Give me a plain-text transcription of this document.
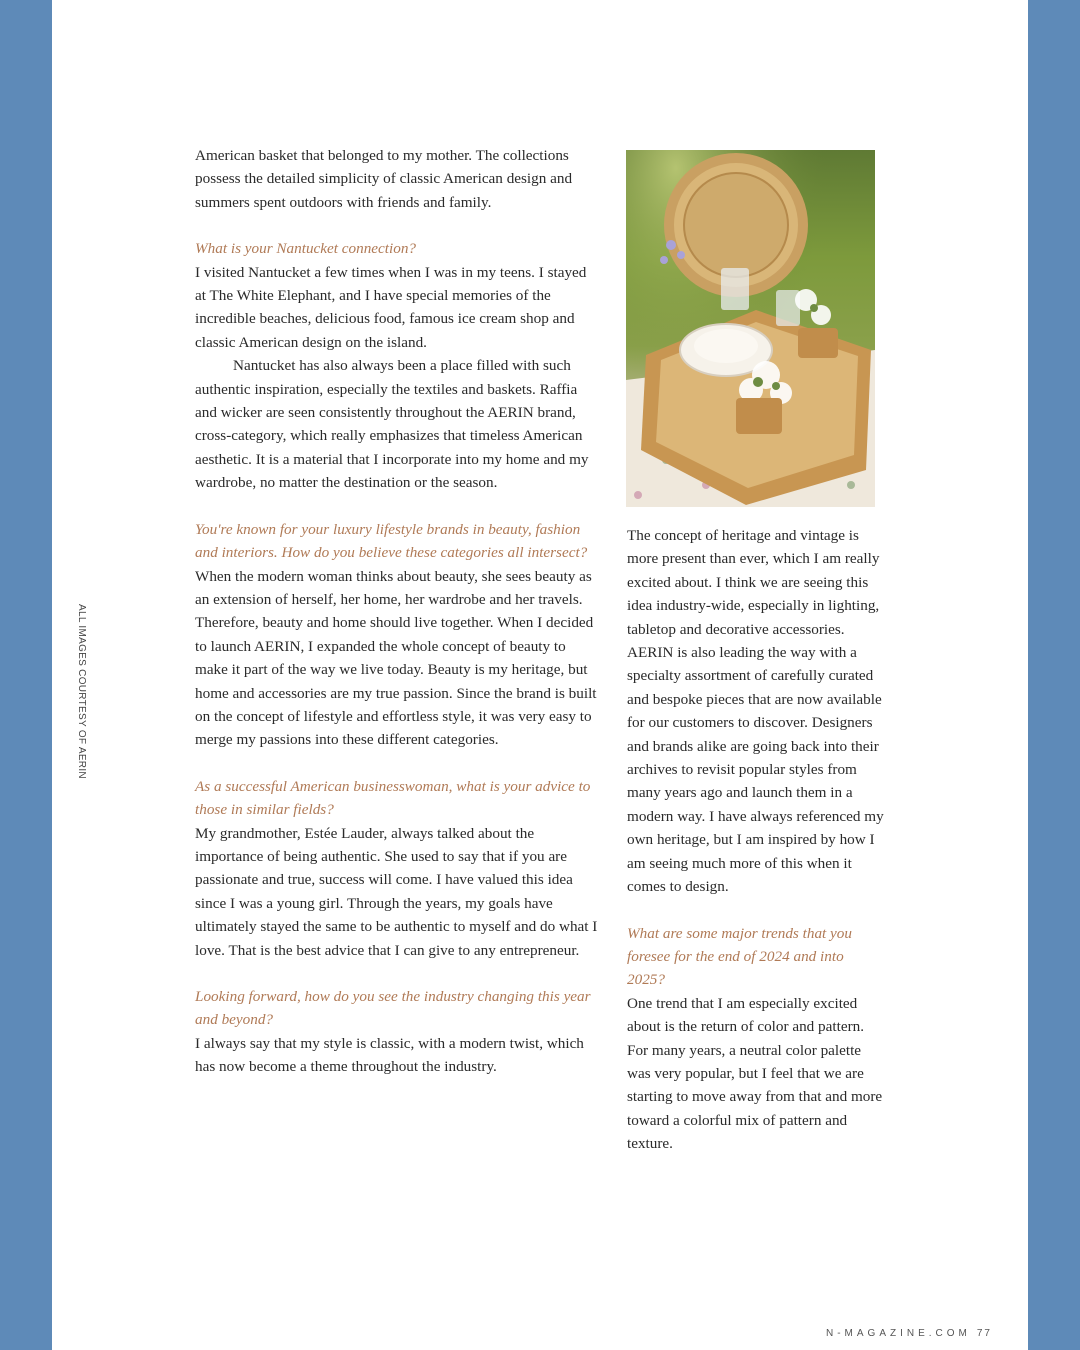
ALL IMAGES COURTESY OF AERIN

American basket that belonged to my mother. The collections possess the detailed simplicity of classic American design and summers spent outdoors with friends and family.

What is your Nantucket connection?

I visited Nantucket a few times when I was in my teens. I stayed at The White Elephant, and I have special memories of the incredible beaches, delicious food, famous ice cream shop and classic American design on the island.

Nantucket has also always been a place filled with such authentic inspiration, especially the textiles and baskets. Raffia and wicker are seen consistently throughout the AERIN brand, cross-category, which really emphasizes that timeless American aesthetic. It is a material that I incorporate into my home and my wardrobe, no matter the destination or the season.

You're known for your luxury lifestyle brands in beauty, fashion and interiors. How do you believe these categories all intersect?

When the modern woman thinks about beauty, she sees beauty as an extension of herself, her home, her wardrobe and her travels. Therefore, beauty and home should live together. When I decided to launch AERIN, I expanded the whole concept of beauty to make it part of the way we live today. Beauty is my heritage, but home and accessories are my true passion. Since the brand is built on the concept of lifestyle and effortless style, it was very easy to merge my passions into these different categories.

As a successful American businesswoman, what is your advice to those in similar fields?

My grandmother, Estée Lauder, always talked about the importance of being authentic. She used to say that if you are passionate and true, success will come. I have valued this idea since I was a young girl. Through the years, my goals have ultimately stayed the same to be authentic to myself and do what I love. That is the best advice that I can give to any entrepreneur.

Looking forward, how do you see the industry changing this year and beyond?

I always say that my style is classic, with a modern twist, which has now become a theme throughout the industry.

The concept of heritage and vintage is more present than ever, which I am really excited about. I think we are seeing this idea industry-wide, especially in lighting, tabletop and decorative accessories. AERIN is also leading the way with a specialty assortment of carefully curated and bespoke pieces that are now available for our customers to discover. Designers and brands alike are going back into their archives to revisit popular styles from many years ago and launch them in a modern way. I have always referenced my own heritage, but I am inspired by how I am seeing much more of this when it comes to design.

What are some major trends that you foresee for the end of 2024 and into 2025?

One trend that I am especially excited about is the return of color and pattern. For many years, a neutral color palette was very popular, but I feel that we are starting to move away from that and more toward a colorful mix of pattern and texture.

N-MAGAZINE.COM 77
